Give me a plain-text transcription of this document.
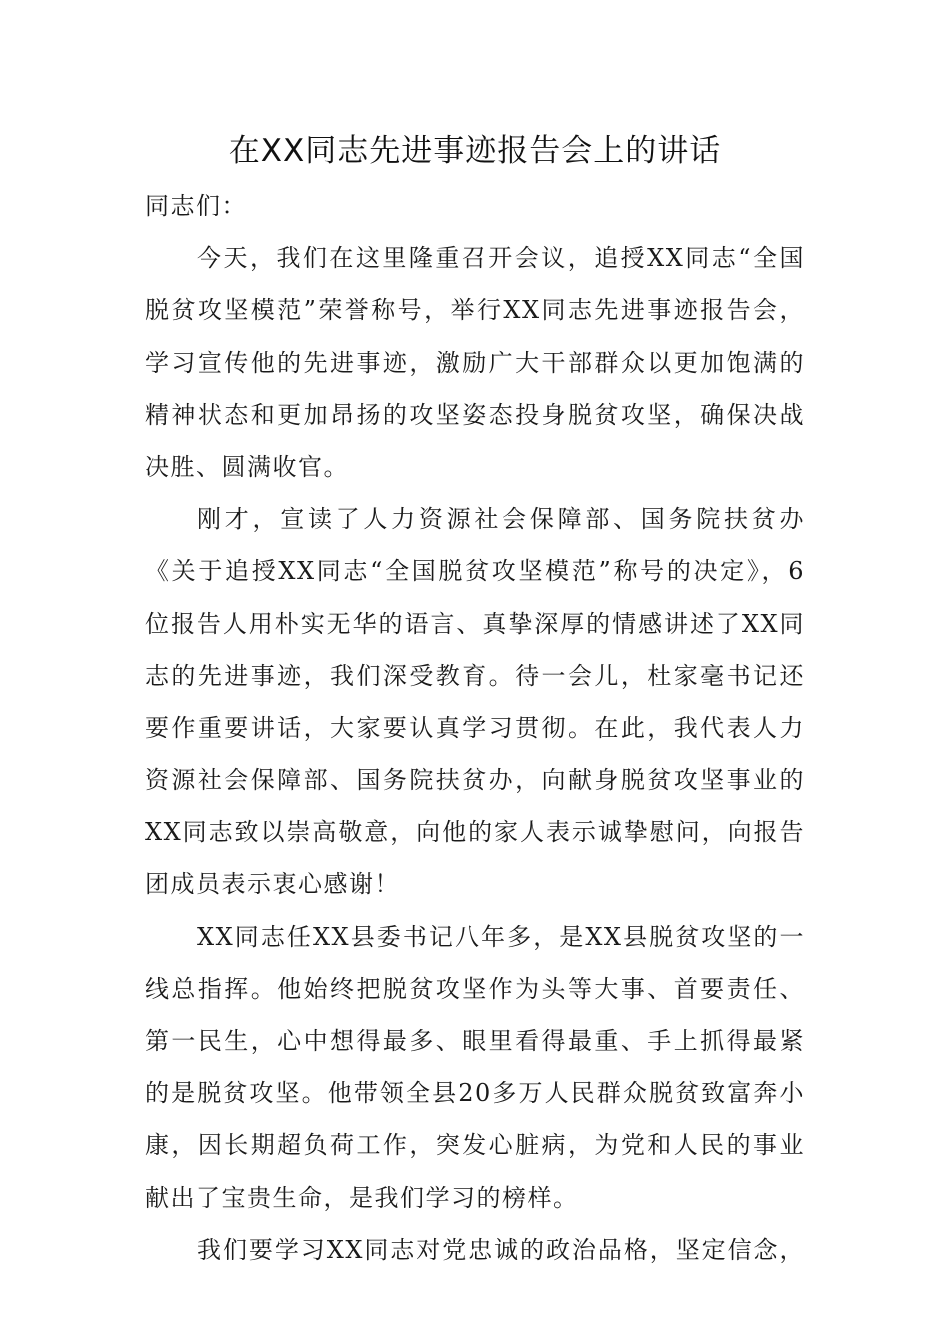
在XX同志先进事迹报告会上的讲话
同志们：
今天，我们在这里隆重召开会议，追授XX同志“全国
脱贫攻坚模范”荣誉称号，举行XX同志先进事迹报告会，
学习宣传他的先进事迹，激励广大干部群众以更加饱满的
精神状态和更加昂扬的攻坚姿态投身脱贫攻坚，确保决战
决胜、圆满收官。
刚才，宣读了人力资源社会保障部、国务院扶贫办
《关于追授XX同志“全国脱贫攻坚模范”称号的决定》，6
位报告人用朴实无华的语言、真挚深厚的情感讲述了XX同
志的先进事迹，我们深受教育。待一会儿，杜家毫书记还
要作重要讲话，大家要认真学习贯彻。在此，我代表人力
资源社会保障部、国务院扶贫办，向献身脱贫攻坚事业的
XX同志致以崇高敬意，向他的家人表示诚挚慰问，向报告
团成员表示衷心感谢！
XX同志任XX县委书记八年多，是XX县脱贫攻坚的一
线总指挥。他始终把脱贫攻坚作为头等大事、首要责任、
第一民生，心中想得最多、眼里看得最重、手上抓得最紧
的是脱贫攻坚。他带领全县20多万人民群众脱贫致富奔小
康，因长期超负荷工作，突发心脏病，为党和人民的事业
献出了宝贵生命，是我们学习的榜样。
我们要学习XX同志对党忠诚的政治品格，坚定信念，
